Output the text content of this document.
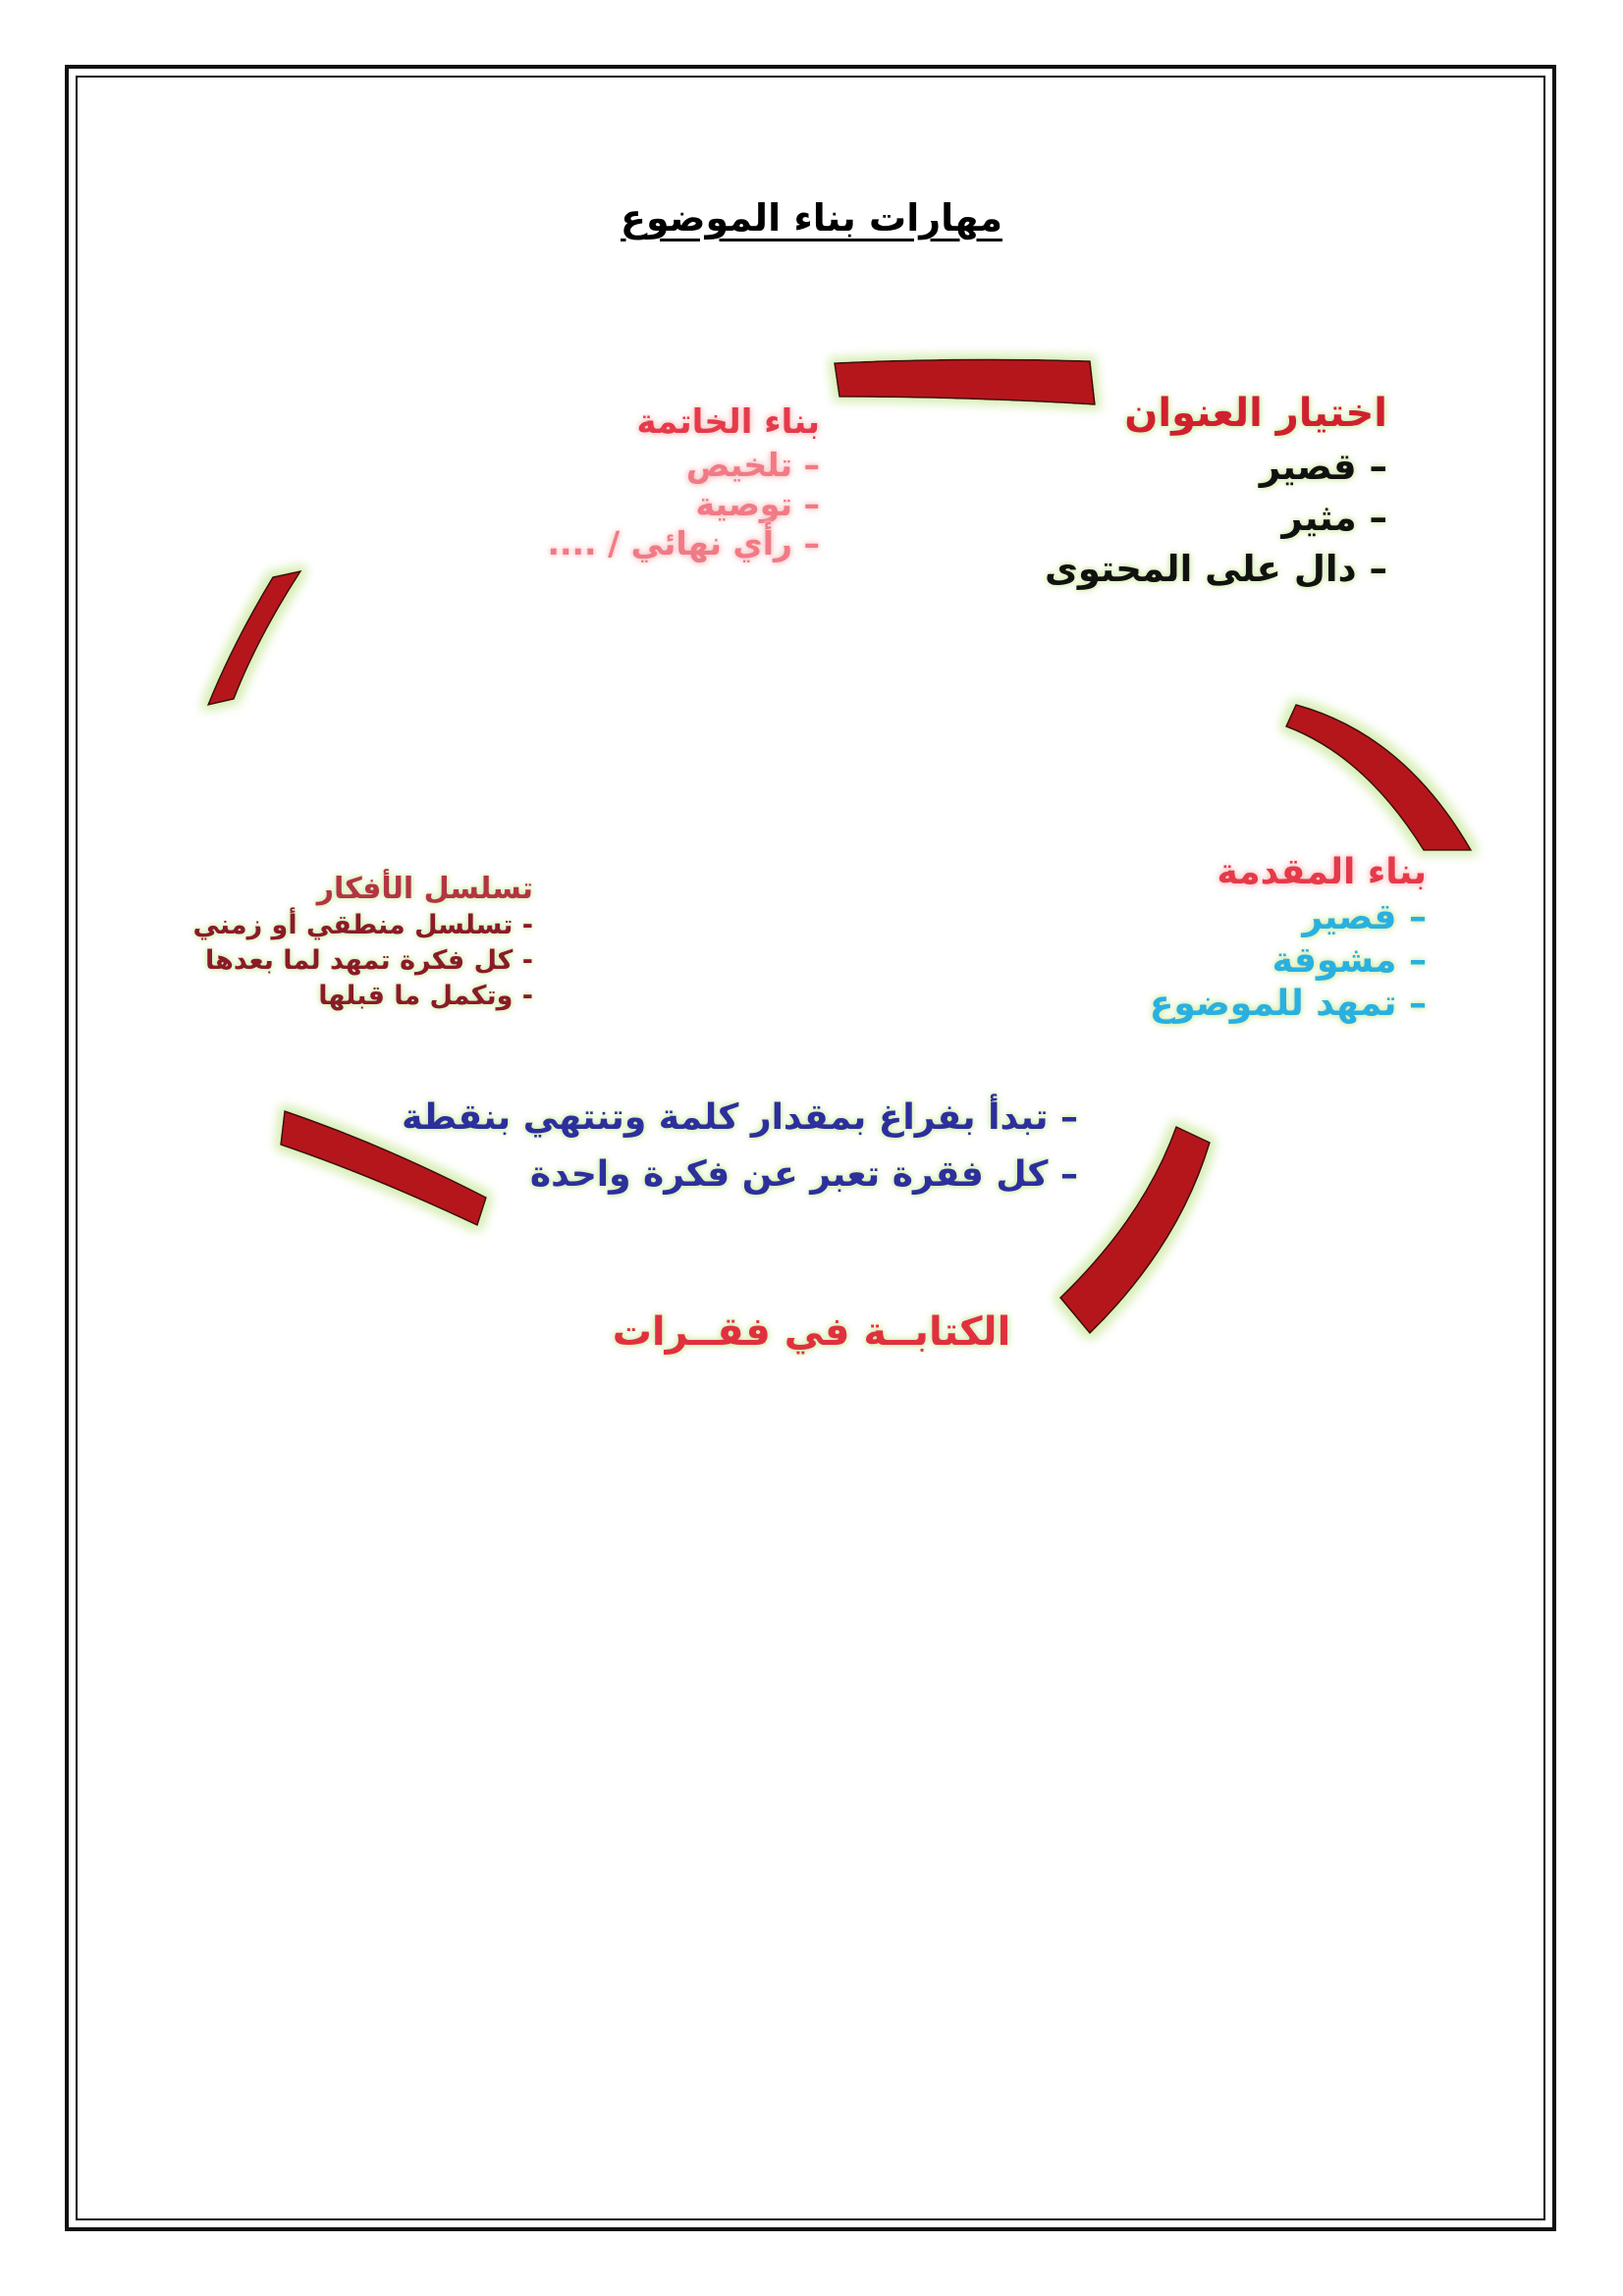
مهارات بناء الموضوع
اختيار العنوان
– قصير
– مثير
– دال على المحتوى
بناء الخاتمة
– تلخيص
– توصية
– رأي نهائي / ....
بناء المقدمة
– قصير
– مشوقة
– تمهد للموضوع
تسلسل الأفكار
- تسلسل منطقي أو زمني
- كل فكرة تمهد لما بعدها
- وتكمل ما قبلها
– تبدأ بفراغ بمقدار كلمة وتنتهي بنقطة
– كل فقرة تعبر عن فكرة واحدة
الكتابــة في فقــرات
